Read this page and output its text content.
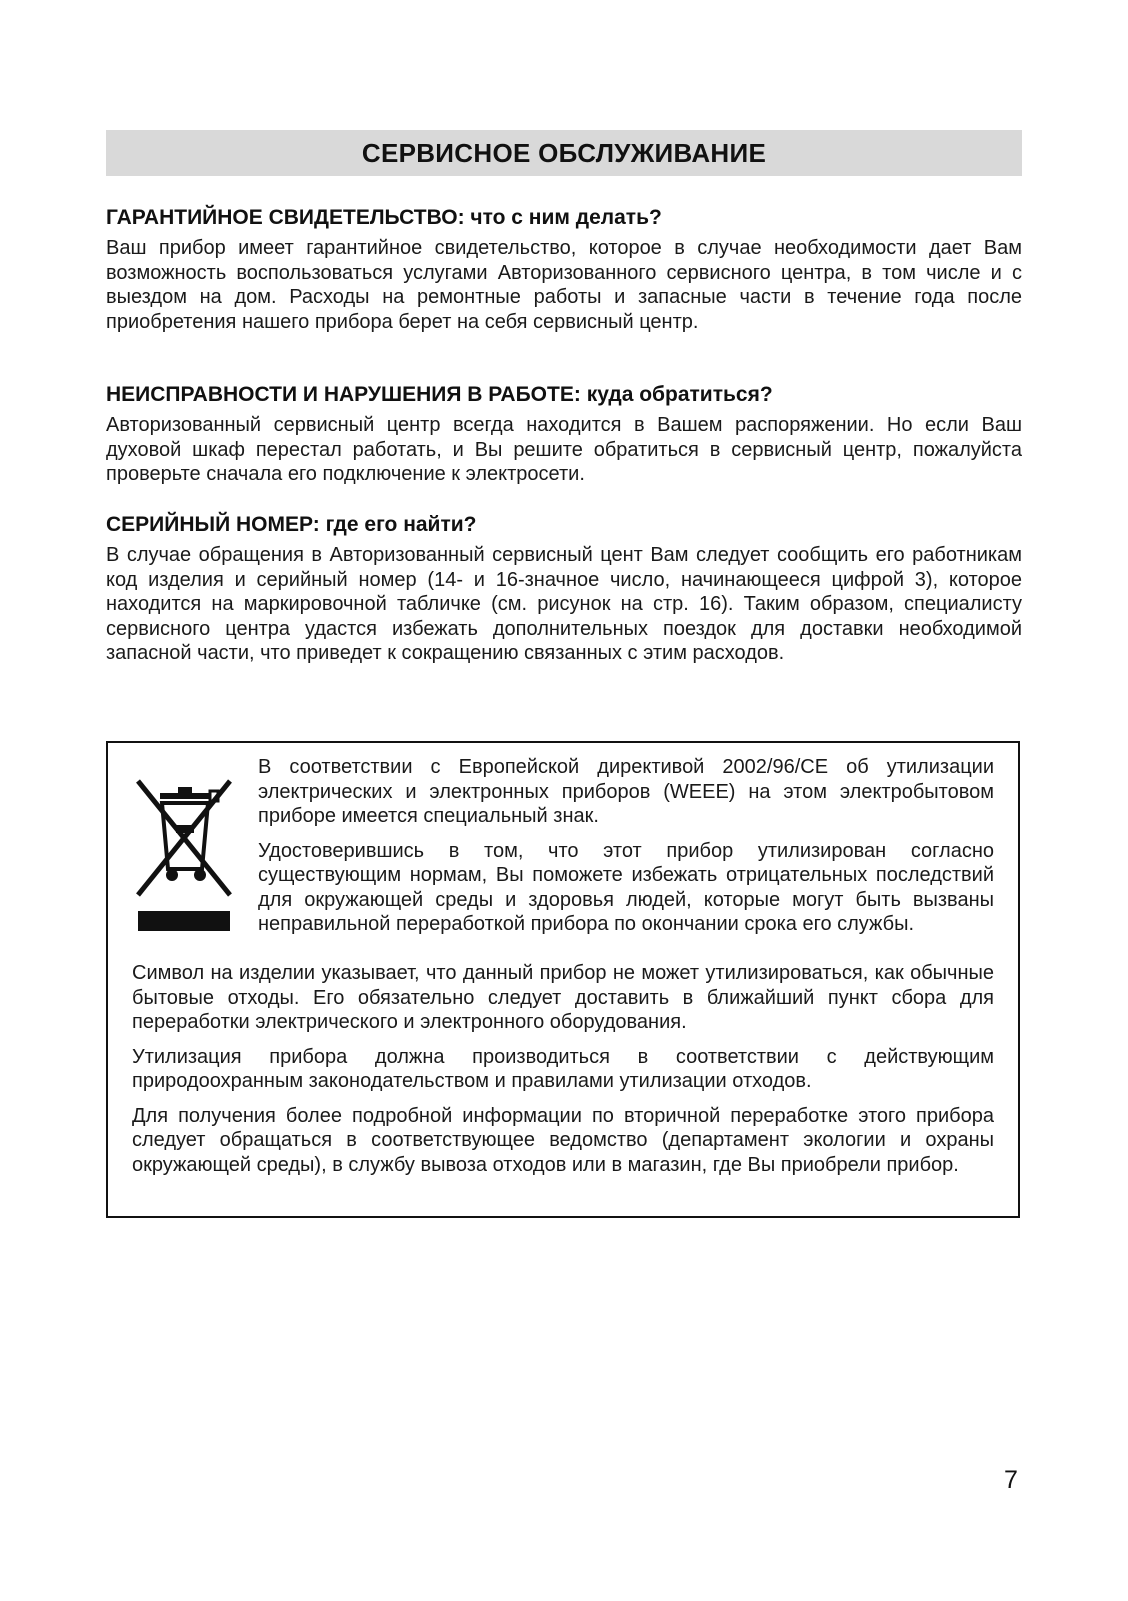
СЕРВИСНОЕ ОБСЛУЖИВАНИЕ
ГАРАНТИЙНОЕ СВИДЕТЕЛЬСТВО: что с ним делать?

Ваш прибор имеет гарантийное свидетельство, которое в случае необходимости дает Вам возможность воспользоваться услугами Авторизованного сервисного центра, в том числе и с выездом на дом. Расходы на ремонтные работы и запасные части в течение года после приобретения нашего прибора берет на себя сервисный центр.

НЕИСПРАВНОСТИ И НАРУШЕНИЯ В РАБОТЕ: куда обратиться?

Авторизованный сервисный центр всегда находится в Вашем распоряжении. Но если Ваш духовой шкаф перестал работать, и Вы решите обратиться в сервисный центр, пожалуйста проверьте сначала его подключение к электросети.

СЕРИЙНЫЙ НОМЕР: где его найти?

В случае обращения в Авторизованный сервисный цент Вам следует сообщить его работникам код изделия и серийный номер (14- и 16-значное число, начинающееся цифрой 3), которое находится на маркировочной табличке (см. рисунок на стр. 16). Таким образом, специалисту сервисного центра удастся избежать дополнительных поездок для доставки необходимой запасной части, что приведет к сокращению связанных с этим расходов.

В соответствии с Европейской директивой 2002/96/CE об утилизации электрических и электронных приборов (WEEE) на этом электробытовом приборе имеется специальный знак.

Удостоверившись в том, что этот прибор утилизирован согласно существующим нормам, Вы поможете избежать отрицательных последствий для окружающей среды и здоровья людей, которые могут быть вызваны неправильной переработкой прибора по окончании срока его службы.

Символ на изделии указывает, что данный прибор не может утилизироваться, как обычные бытовые отходы. Его обязательно следует доставить в ближайший пункт сбора для переработки электрического и электронного оборудования.

Утилизация прибора должна производиться в соответствии с действующим природоохранным законодательством и правилами утилизации отходов.

Для получения более подробной информации по вторичной переработке этого прибора следует обращаться в соответствующее ведомство (департамент экологии и охраны окружающей среды), в службу вывоза отходов или в магазин, где Вы приобрели прибор.

7
